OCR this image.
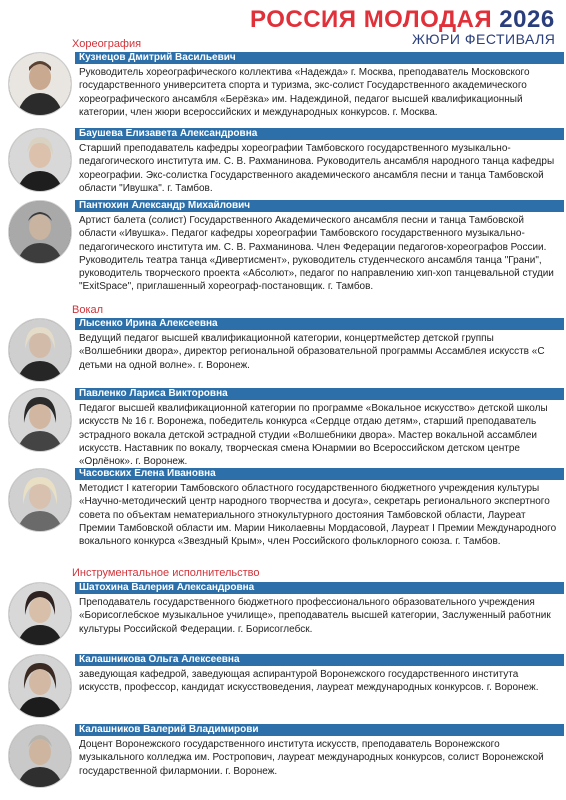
РОССИЯ МОЛОДАЯ 2026
ЖЮРИ ФЕСТИВАЛЯ
Хореография
Кузнецов Дмитрий Васильевич
Руководитель хореографического коллектива «Надежда» г. Москва, преподаватель Московского государственного университета спорта и туризма, экс-солист Государственного академического хореографического ансамбля «Берёзка» им. Надеждиной, педагог высшей квалификационный категории, член жюри всероссийских и международных конкурсов. г. Москва.
Баушева Елизавета Александровна
Старший преподаватель кафедры хореографии Тамбовского государственного музыкально-педагогического института им. С. В. Рахманинова. Руководитель ансамбля народного танца кафедры хореографии. Экс-солистка Государственного академического ансамбля песни и танца Тамбовской области "Ивушка". г. Тамбов.
Пантюхин Александр Михайлович
Артист балета (солист) Государственного Академического ансамбля песни и танца Тамбовской области «Ивушка». Педагог кафедры хореографии Тамбовского государственного музыкально-педагогического института им. С. В. Рахманинова. Член Федерации педагогов-хореографов России. Руководитель театра танца «Дивертисмент», руководитель студенческого ансамбля танца "Грани", руководитель творческого проекта «Абсолют», педагог по направлению хип-хоп танцевальной студии "ExitSpace", приглашенный хореограф-постановщик. г. Тамбов.
Вокал
Лысенко Ирина Алексеевна
Ведущий педагог высшей квалификационной категории, концертмейстер детской группы «Волшебники двора», директор региональной образовательной программы Ассамблея искусств «С детьми на одной волне». г. Воронеж.
Павленко Лариса Викторовна
Педагог высшей квалификационной категории по программе «Вокальное искусство» детской школы искусств № 16 г. Воронежа, победитель конкурса «Сердце отдаю детям», старший преподаватель эстрадного вокала детской эстрадной студии «Волшебники двора». Мастер вокальной ассамблеи искусств. Наставник по вокалу, творческая смена Юнармии во Всероссийском детском центре «Орлёнок». г. Воронеж.
Часовских Елена Ивановна
Методист I категории Тамбовского областного государственного бюджетного учреждения культуры «Научно-методический центр народного творчества и досуга», секретарь регионального экспертного совета по объектам нематериального этнокультурного достояния Тамбовской области, Лауреат Премии Тамбовской области им. Марии Николаевны Мордасовой, Лауреат I Премии Международного вокального конкурса «Звездный Крым», член Российского фольклорного союза. г. Тамбов.
Инструментальное исполнительство
Шатохина Валерия Александровна
Преподаватель государственного бюджетного профессионального образовательного учреждения «Борисоглебское музыкальное училище», преподаватель высшей категории, Заслуженный работник культуры Российской Федерации. г. Борисоглебск.
Калашникова Ольга Алексеевна
заведующая кафедрой, заведующая аспирантурой Воронежского государственного института искусств, профессор, кандидат искусствоведения, лауреат международных конкурсов. г. Воронеж.
Калашников Валерий Владимирови
Доцент Воронежского государственного института искусств, преподаватель Воронежского музыкального колледжа им. Ростропович, лауреат международных конкурсов, солист Воронежской государственной филармонии. г. Воронеж.
